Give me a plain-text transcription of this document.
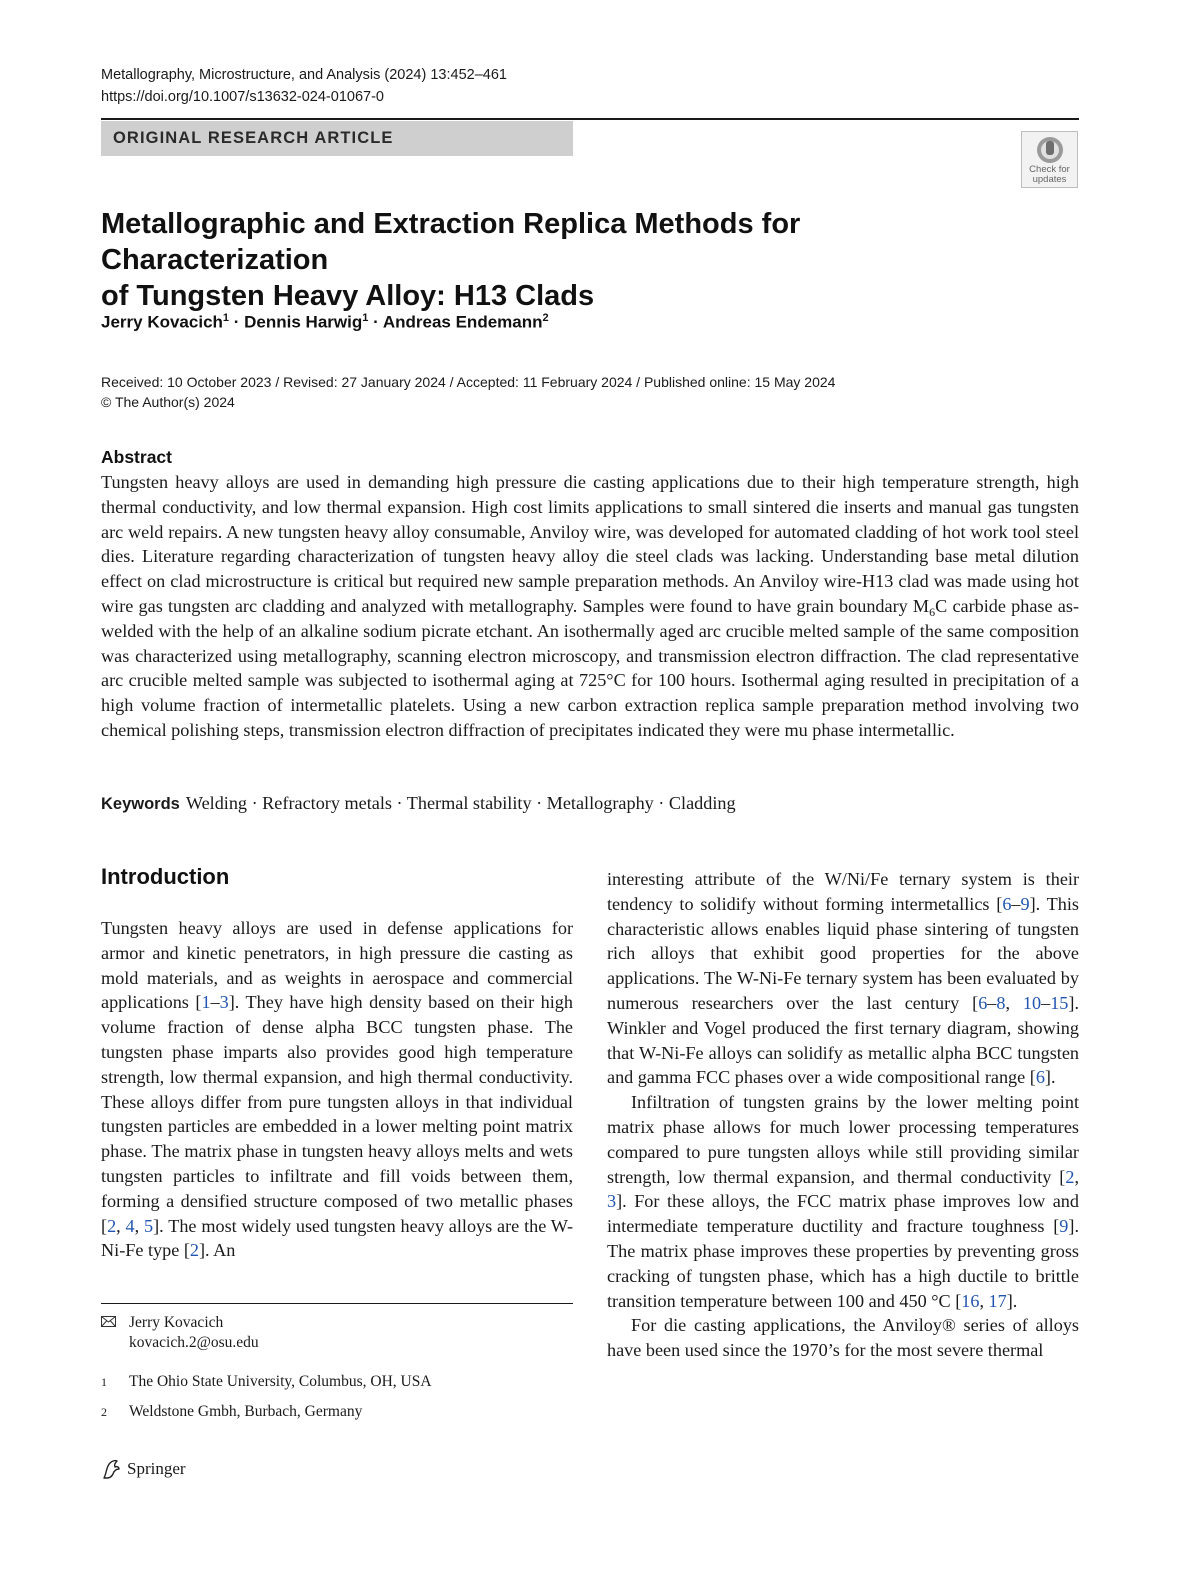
Metallography, Microstructure, and Analysis (2024) 13:452–461
https://doi.org/10.1007/s13632-024-01067-0
ORIGINAL RESEARCH ARTICLE
Check for
updates
Metallographic and Extraction Replica Methods for Characterization
of Tungsten Heavy Alloy: H13 Clads
Jerry Kovacich$^1$ · Dennis Harwig$^1$ · Andreas Endemann$^2$
Received: 10 October 2023 / Revised: 27 January 2024 / Accepted: 11 February 2024 / Published online: 15 May 2024
© The Author(s) 2024
Abstract
Tungsten heavy alloys are used in demanding high pressure die casting applications due to their high temperature strength, high thermal conductivity, and low thermal expansion. High cost limits applications to small sintered die inserts and manual gas tungsten arc weld repairs. A new tungsten heavy alloy consumable, Anviloy wire, was developed for automated cladding of hot work tool steel dies. Literature regarding characterization of tungsten heavy alloy die steel clads was lacking. Understanding base metal dilution effect on clad microstructure is critical but required new sample preparation methods. An Anviloy wire-H13 clad was made using hot wire gas tungsten arc cladding and analyzed with metallography. Samples were found to have grain boundary $M_6C$ carbide phase as-welded with the help of an alkaline sodium picrate etchant. An isothermally aged arc crucible melted sample of the same composition was characterized using metallography, scanning electron microscopy, and transmission electron diffraction. The clad representative arc crucible melted sample was subjected to isothermal aging at 725°C for 100 hours. Isothermal aging resulted in precipitation of a high volume fraction of intermetallic platelets. Using a new carbon extraction replica sample preparation method involving two chemical polishing steps, transmission electron diffraction of precipitates indicated they were mu phase intermetallic.
Keywords Welding · Refractory metals · Thermal stability · Metallography · Cladding
Introduction

Tungsten heavy alloys are used in defense applications for armor and kinetic penetrators, in high pressure die casting as mold materials, and as weights in aerospace and commercial applications [1–3]. They have high density based on their high volume fraction of dense alpha BCC tungsten phase. The tungsten phase imparts also provides good high temperature strength, low thermal expansion, and high thermal conductivity. These alloys differ from pure tungsten alloys in that individual tungsten particles are embedded in a lower melting point matrix phase. The matrix phase in tungsten heavy alloys melts and wets tungsten particles to infiltrate and fill voids between them, forming a densified structure composed of two metallic phases [2, 4, 5]. The most widely used tungsten heavy alloys are the W-Ni-Fe type [2]. An

interesting attribute of the W/Ni/Fe ternary system is their tendency to solidify without forming intermetallics [6–9]. This characteristic allows enables liquid phase sintering of tungsten rich alloys that exhibit good properties for the above applications. The W-Ni-Fe ternary system has been evaluated by numerous researchers over the last century [6–8, 10–15]. Winkler and Vogel produced the first ternary diagram, showing that W-Ni-Fe alloys can solidify as metallic alpha BCC tungsten and gamma FCC phases over a wide compositional range [6].

Infiltration of tungsten grains by the lower melting point matrix phase allows for much lower processing temperatures compared to pure tungsten alloys while still providing similar strength, low thermal expansion, and thermal conductivity [2, 3]. For these alloys, the FCC matrix phase improves low and intermediate temperature ductility and fracture toughness [9]. The matrix phase improves these properties by preventing gross cracking of tungsten phase, which has a high ductile to brittle transition temperature between 100 and 450 °C [16, 17].

For die casting applications, the Anviloy® series of alloys have been used since the 1970’s for the most severe thermal

Jerry Kovacich
kovacich.2@osu.edu
1	The Ohio State University, Columbus, OH, USA
2	Weldstone Gmbh, Burbach, Germany
Springer
